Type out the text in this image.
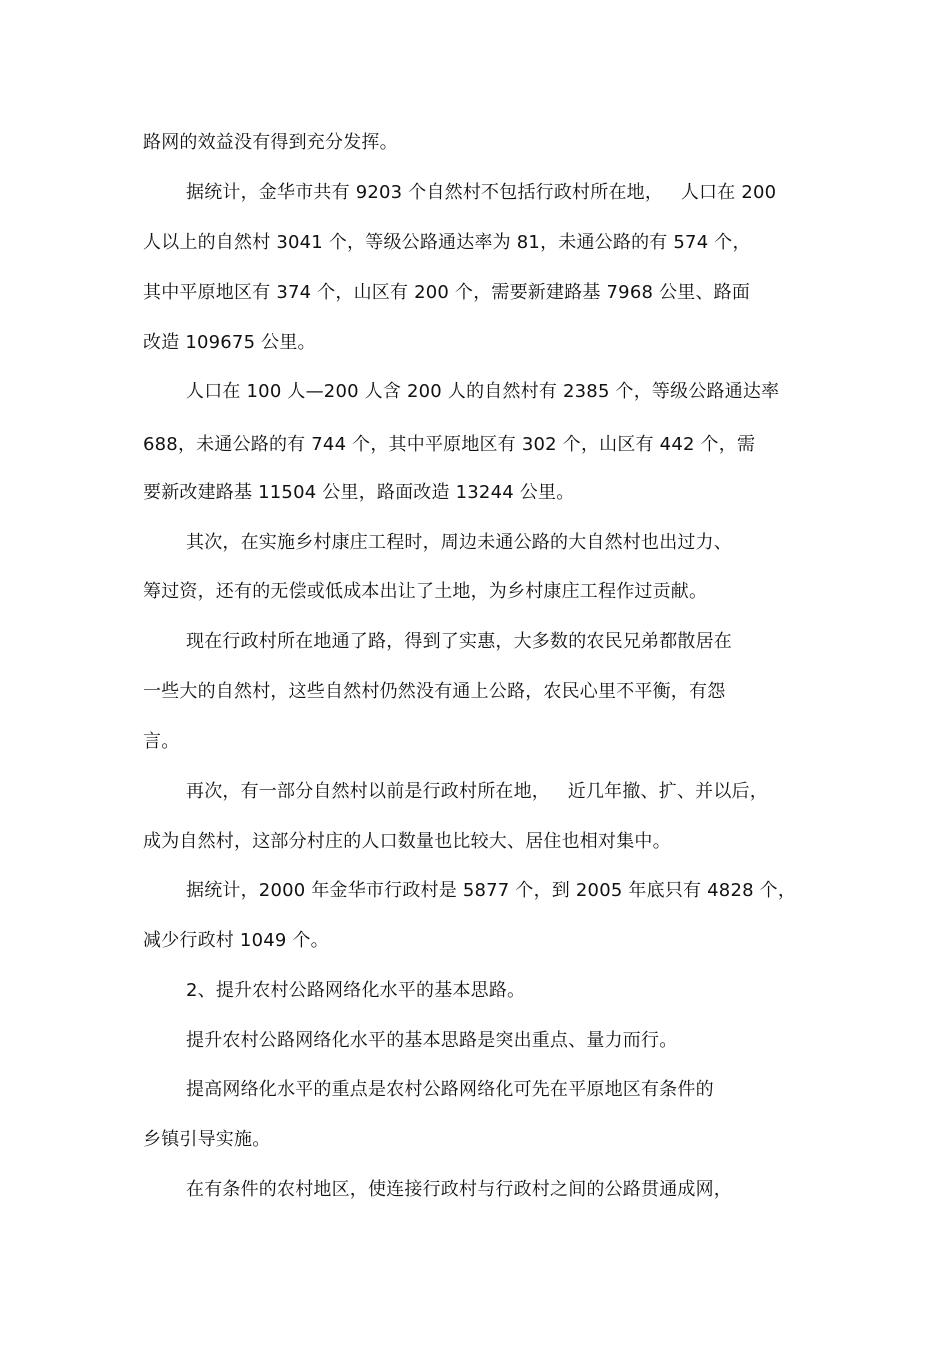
路网的效益没有得到充分发挥。
据统计，金华市共有 9203 个自然村不包括行政村所在地，   人口在 200
人以上的自然村 3041 个，等级公路通达率为 81，未通公路的有 574 个，
其中平原地区有 374 个，山区有 200 个，需要新建路基 7968 公里、路面
改造 109675 公里。
人口在 100 人—200 人含 200 人的自然村有 2385 个，等级公路通达率
688，未通公路的有 744 个，其中平原地区有 302 个，山区有 442 个，需
要新改建路基 11504 公里，路面改造 13244 公里。
其次，在实施乡村康庄工程时，周边未通公路的大自然村也出过力、
筹过资，还有的无偿或低成本出让了土地，为乡村康庄工程作过贡献。
现在行政村所在地通了路，得到了实惠，大多数的农民兄弟都散居在
一些大的自然村，这些自然村仍然没有通上公路，农民心里不平衡，有怨
言。
再次，有一部分自然村以前是行政村所在地，   近几年撤、扩、并以后，
成为自然村，这部分村庄的人口数量也比较大、居住也相对集中。
据统计，2000 年金华市行政村是 5877 个，到 2005 年底只有 4828 个，
减少行政村 1049 个。
2、提升农村公路网络化水平的基本思路。
提升农村公路网络化水平的基本思路是突出重点、量力而行。
提高网络化水平的重点是农村公路网络化可先在平原地区有条件的
乡镇引导实施。
在有条件的农村地区，使连接行政村与行政村之间的公路贯通成网，
